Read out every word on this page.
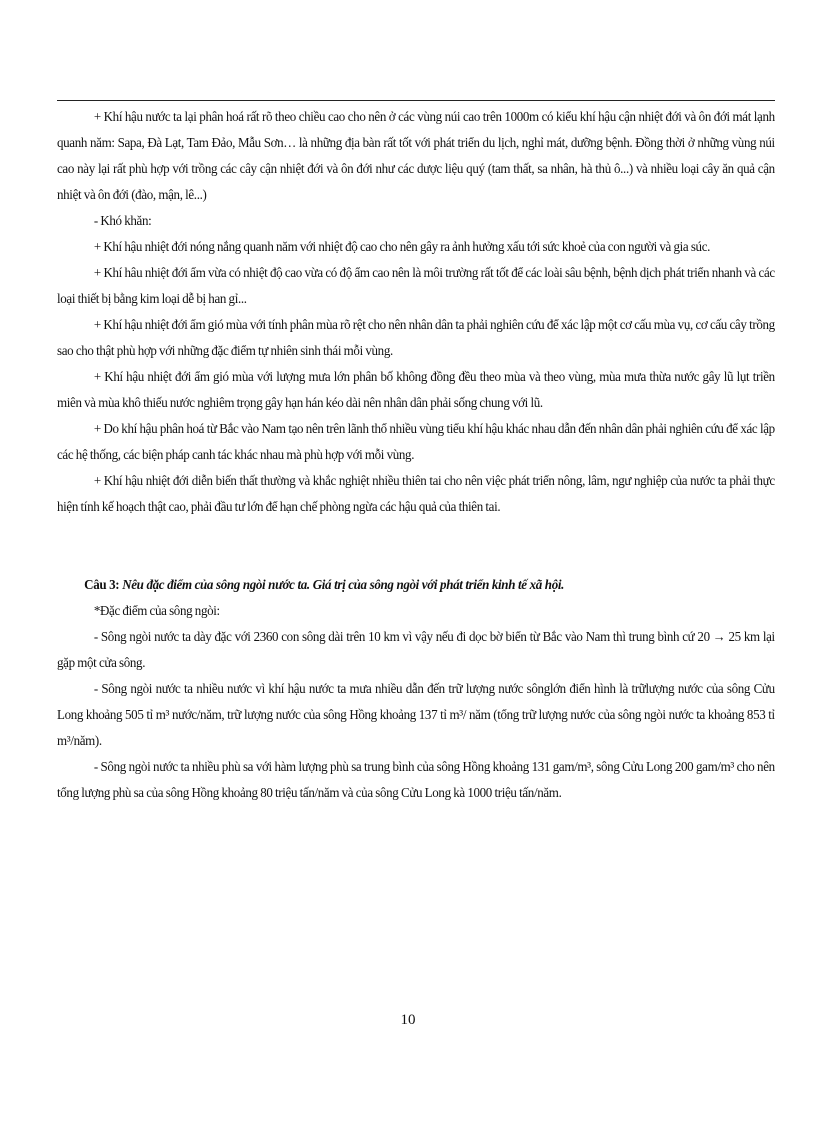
+ Khí hậu nước ta lại phân hoá rất rõ theo chiều cao cho nên ở các vùng núi cao trên 1000m có kiểu khí hậu cận nhiệt đới và ôn đới mát lạnh quanh năm: Sapa, Đà Lạt, Tam Đảo, Mẫu Sơn… là những địa bàn rất tốt với phát triển du lịch, nghỉ mát, dưỡng bệnh. Đồng thời ở những vùng núi cao này lại rất phù hợp với trồng các cây cận nhiệt đới và ôn đới như các dược liệu quý (tam thất, sa nhân, hà thủ ô...) và nhiều loại cây ăn quả cận nhiệt và ôn đới (đào, mận, lê...)

- Khó khăn:

+ Khí hậu nhiệt đới nóng nắng quanh năm với nhiệt độ cao cho nên gây ra ảnh hưởng xấu tới sức khoẻ của con người và gia súc.

+ Khí hâu nhiệt đới ẩm vừa có nhiệt độ cao vừa có độ ẩm cao nên là môi trường rất tốt để các loài sâu bệnh, bệnh dịch phát triển nhanh và các loại thiết bị bằng kim loại dễ bị han gỉ...

+ Khí hậu nhiệt đới ẩm gió mùa với tính phân mùa rõ rệt cho nên nhân dân ta phải nghiên cứu để xác lập một cơ cấu mùa vụ, cơ cấu cây trồng sao cho thật phù hợp với những đặc điểm tự nhiên sinh thái mỗi vùng.

+ Khí hậu nhiệt đới ẩm gió mùa với lượng mưa lớn phân bố không đồng đều theo mùa và theo vùng, mùa mưa thừa nước gây lũ lụt triền miên và mùa khô thiếu nước nghiêm trọng gây hạn hán kéo dài nên nhân dân phải sống chung với lũ.

+ Do khí hậu phân hoá từ Bắc vào Nam tạo nên trên lãnh thổ nhiều vùng tiểu khí hậu khác nhau dẫn đến nhân dân phải nghiên cứu để xác lập các hệ thống, các biện pháp canh tác khác nhau mà phù hợp với mỗi vùng.

+ Khí hậu nhiệt đới diễn biến thất thường và khắc nghiệt nhiều thiên tai cho nên việc phát triển nông, lâm, ngư nghiệp của nước ta phải thực hiện tính kế hoạch thật cao, phải đầu tư lớn để hạn chế phòng ngừa các hậu quả của thiên tai.

Câu 3: Nêu đặc điểm của sông ngòi nước ta. Giá trị của sông ngòi với phát triển kinh tế xã hội.

*Đặc điểm của sông ngòi:

- Sông ngòi nước ta dày đặc với 2360 con sông dài trên 10 km vì vậy nếu đi dọc bờ biển từ Bắc vào Nam thì trung bình cứ 20 → 25 km lại gặp một cửa sông.

- Sông ngòi nước ta nhiều nước vì khí hậu nước ta mưa nhiều dẫn đến trữ lượng nước sônglớn điển hình là trữlượng nước của sông Cửu Long khoảng 505 tỉ m³ nước/năm, trữ lượng nước của sông Hồng khoảng 137 tỉ m³/ năm (tổng trữ lượng nước của sông ngòi nước ta khoảng 853 tỉ m³/năm).

- Sông ngòi nước ta nhiều phù sa với hàm lượng phù sa trung bình của sông Hồng khoảng 131 gam/m³, sông Cửu Long 200 gam/m³ cho nên tổng lượng phù sa của sông Hồng khoảng 80 triệu tấn/năm và của sông Cửu Long kà 1000 triệu tấn/năm.

10
